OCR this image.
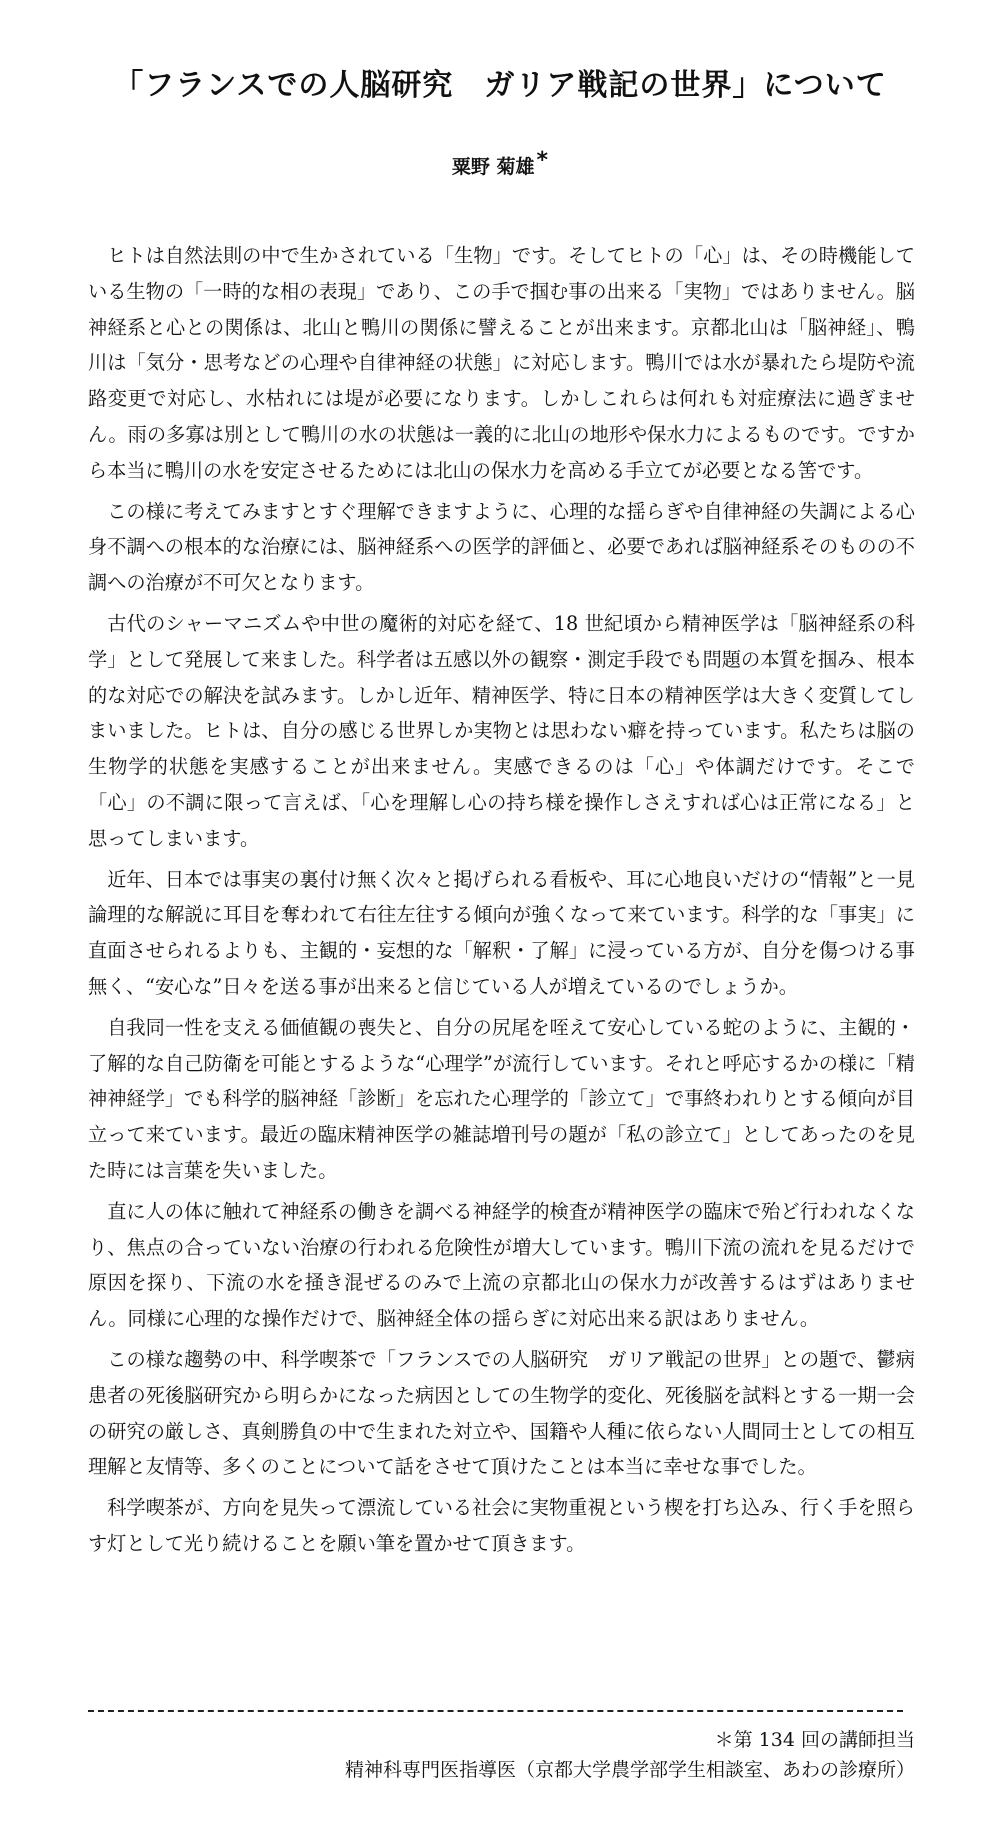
「フランスでの人脳研究　ガリア戦記の世界」について
粟野 菊雄*

ヒトは自然法則の中で生かされている「生物」です。そしてヒトの「心」は、その時機能している生物の「一時的な相の表現」であり、この手で掴む事の出来る「実物」ではありません。脳神経系と心との関係は、北山と鴨川の関係に譬えることが出来ます。京都北山は「脳神経」、鴨川は「気分・思考などの心理や自律神経の状態」に対応します。鴨川では水が暴れたら堤防や流路変更で対応し、水枯れには堤が必要になります。しかしこれらは何れも対症療法に過ぎません。雨の多寡は別として鴨川の水の状態は一義的に北山の地形や保水力によるものです。ですから本当に鴨川の水を安定させるためには北山の保水力を高める手立てが必要となる筈です。

この様に考えてみますとすぐ理解できますように、心理的な揺らぎや自律神経の失調による心身不調への根本的な治療には、脳神経系への医学的評価と、必要であれば脳神経系そのものの不調への治療が不可欠となります。

古代のシャーマニズムや中世の魔術的対応を経て、18 世紀頃から精神医学は「脳神経系の科学」として発展して来ました。科学者は五感以外の観察・測定手段でも問題の本質を掴み、根本的な対応での解決を試みます。しかし近年、精神医学、特に日本の精神医学は大きく変質してしまいました。ヒトは、自分の感じる世界しか実物とは思わない癖を持っています。私たちは脳の生物学的状態を実感することが出来ません。実感できるのは「心」や体調だけです。そこで「心」の不調に限って言えば、「心を理解し心の持ち様を操作しさえすれば心は正常になる」と思ってしまいます。

近年、日本では事実の裏付け無く次々と掲げられる看板や、耳に心地良いだけの“情報”と一見論理的な解説に耳目を奪われて右往左往する傾向が強くなって来ています。科学的な「事実」に直面させられるよりも、主観的・妄想的な「解釈・了解」に浸っている方が、自分を傷つける事無く、“安心な”日々を送る事が出来ると信じている人が増えているのでしょうか。

自我同一性を支える価値観の喪失と、自分の尻尾を咥えて安心している蛇のように、主観的・了解的な自己防衛を可能とするような“心理学”が流行しています。それと呼応するかの様に「精神神経学」でも科学的脳神経「診断」を忘れた心理学的「診立て」で事終われりとする傾向が目立って来ています。最近の臨床精神医学の雑誌増刊号の題が「私の診立て」としてあったのを見た時には言葉を失いました。

直に人の体に触れて神経系の働きを調べる神経学的検査が精神医学の臨床で殆ど行われなくなり、焦点の合っていない治療の行われる危険性が増大しています。鴨川下流の流れを見るだけで原因を探り、下流の水を掻き混ぜるのみで上流の京都北山の保水力が改善するはずはありません。同様に心理的な操作だけで、脳神経全体の揺らぎに対応出来る訳はありません。

この様な趨勢の中、科学喫茶で「フランスでの人脳研究　ガリア戦記の世界」との題で、鬱病患者の死後脳研究から明らかになった病因としての生物学的変化、死後脳を試料とする一期一会の研究の厳しさ、真剣勝負の中で生まれた対立や、国籍や人種に依らない人間同士としての相互理解と友情等、多くのことについて話をさせて頂けたことは本当に幸せな事でした。

科学喫茶が、方向を見失って漂流している社会に実物重視という楔を打ち込み、行く手を照らす灯として光り続けることを願い筆を置かせて頂きます。

＊第 134 回の講師担当
精神科専門医指導医（京都大学農学部学生相談室、あわの診療所）
